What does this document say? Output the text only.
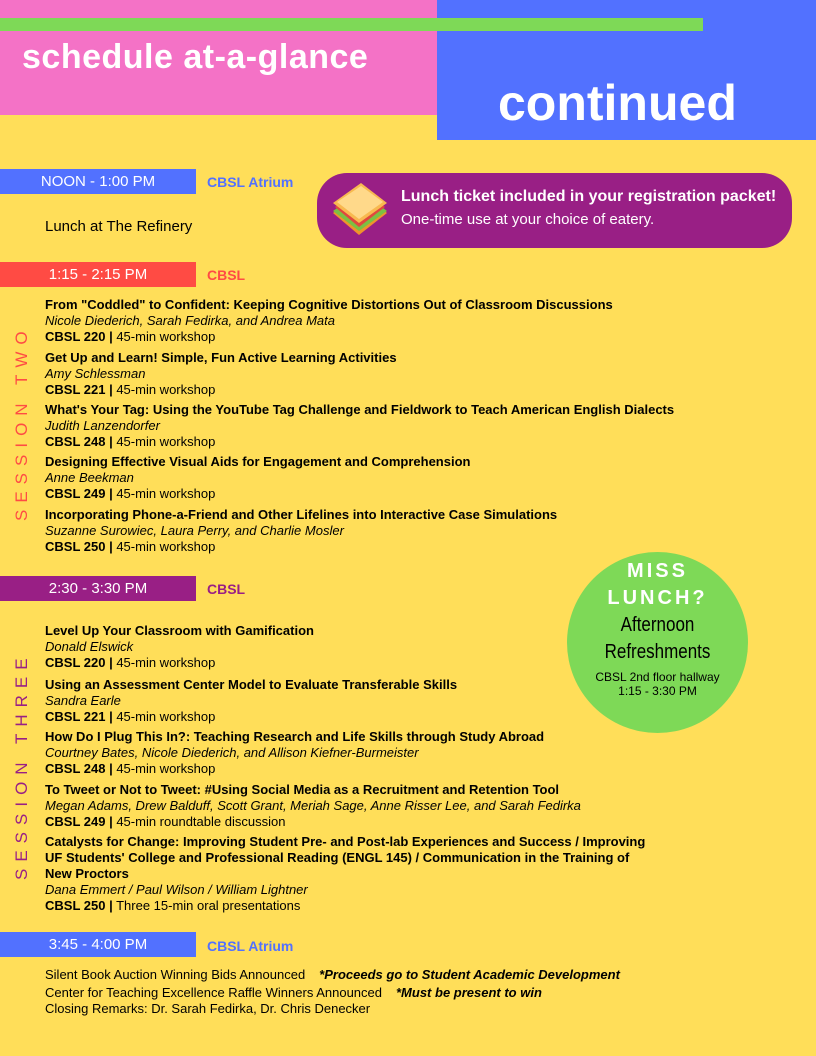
schedule at-a-glance
continued
NOON - 1:00 PM	CBSL Atrium
Lunch at The Refinery
Lunch ticket included in your registration packet!
One-time use at your choice of eatery.
1:15 - 2:15 PM	CBSL
SESSION TWO
From "Coddled" to Confident: Keeping Cognitive Distortions Out of Classroom Discussions
Nicole Diederich, Sarah Fedirka, and Andrea Mata
CBSL 220 | 45-min workshop
Get Up and Learn! Simple, Fun Active Learning Activities
Amy Schlessman
CBSL 221 | 45-min workshop
What's Your Tag: Using the YouTube Tag Challenge and Fieldwork to Teach American English Dialects
Judith Lanzendorfer
CBSL 248 | 45-min workshop
Designing Effective Visual Aids for Engagement and Comprehension
Anne Beekman
CBSL 249 | 45-min workshop
Incorporating Phone-a-Friend and Other Lifelines into Interactive Case Simulations
Suzanne Surowiec, Laura Perry, and Charlie Mosler
CBSL 250 | 45-min workshop
2:30 - 3:30 PM	CBSL
SESSION THREE
Level Up Your Classroom with Gamification
Donald Elswick
CBSL 220 | 45-min workshop
Using an Assessment Center Model to Evaluate Transferable Skills
Sandra Earle
CBSL 221 | 45-min workshop
How Do I Plug This In?: Teaching Research and Life Skills through Study Abroad
Courtney Bates, Nicole Diederich, and Allison Kiefner-Burmeister
CBSL 248 | 45-min workshop
To Tweet or Not to Tweet: #Using Social Media as a Recruitment and Retention Tool
Megan Adams, Drew Balduff, Scott Grant, Meriah Sage, Anne Risser Lee, and Sarah Fedirka
CBSL 249 | 45-min roundtable discussion
Catalysts for Change: Improving Student Pre- and Post-lab Experiences and Success / Improving UF Students' College and Professional Reading (ENGL 145) / Communication in the Training of New Proctors
Dana Emmert / Paul Wilson / William Lightner
CBSL 250 | Three 15-min oral presentations
MISS
LUNCH?
Afternoon
Refreshments
CBSL 2nd floor hallway
1:15 - 3:30 PM
3:45 - 4:00 PM	CBSL Atrium
Silent Book Auction Winning Bids Announced *Proceeds go to Student Academic Development
Center for Teaching Excellence Raffle Winners Announced *Must be present to win
Closing Remarks: Dr. Sarah Fedirka, Dr. Chris Denecker
